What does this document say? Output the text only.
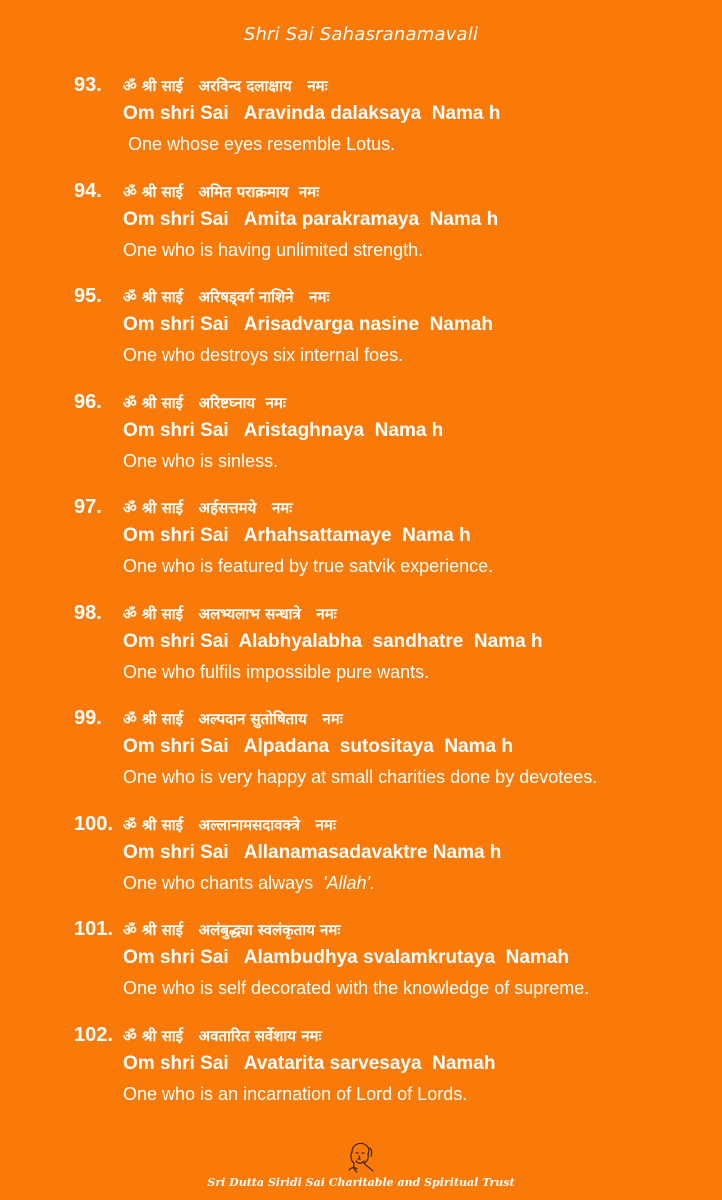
Shri Sai Sahasranamavali
93. ॐ श्री साई   अरविन्द दलाक्षाय   नमः
Om shri Sai   Aravinda dalaksaya  Nama h
One whose eyes resemble Lotus.
94. ॐ श्री साई   अमित पराक्रमाय  नमः
Om shri Sai   Amita parakramaya  Nama h
One who is having unlimited strength.
95. ॐ श्री साई   अरिषड्वर्ग नाशिने   नमः
Om shri Sai   Arisadvarga nasine  Namah
One who destroys six internal foes.
96. ॐ श्री साई   अरिष्टघ्नाय  नमः
Om shri Sai   Aristaghnaya  Nama h
One who is sinless.
97. ॐ श्री साई   अर्हसत्तमये   नमः
Om shri Sai   Arhahsattamaye  Nama h
One who is featured by true satvik experience.
98. ॐ श्री साई   अलभ्यलाभ सन्धात्रे   नमः
Om shri Sai  Alabhyalabha  sandhatre  Nama h
One who fulfils impossible pure wants.
99. ॐ श्री साई   अल्पदान सुतोषिताय   नमः
Om shri Sai   Alpadana  sutositaya  Nama h
One who is very happy at small charities done by devotees.
100. ॐ श्री साई   अल्लानामसदावक्त्रे   नमः
Om shri Sai   Allanamasadavaktre Nama h
One who chants always  'Allah'.
101. ॐ श्री साई   अलंबुद्ध्या स्वलंकृताय नमः
Om shri Sai   Alambudhya svalamkrutaya  Namah
One who is self decorated with the knowledge of supreme.
102. ॐ श्री साई   अवतारित सर्वेशाय नमः
Om shri Sai   Avatarita sarvesaya  Namah
One who is an incarnation of Lord of Lords.
Sri Dutta Siridi Sai Charitable and Spiritual Trust
